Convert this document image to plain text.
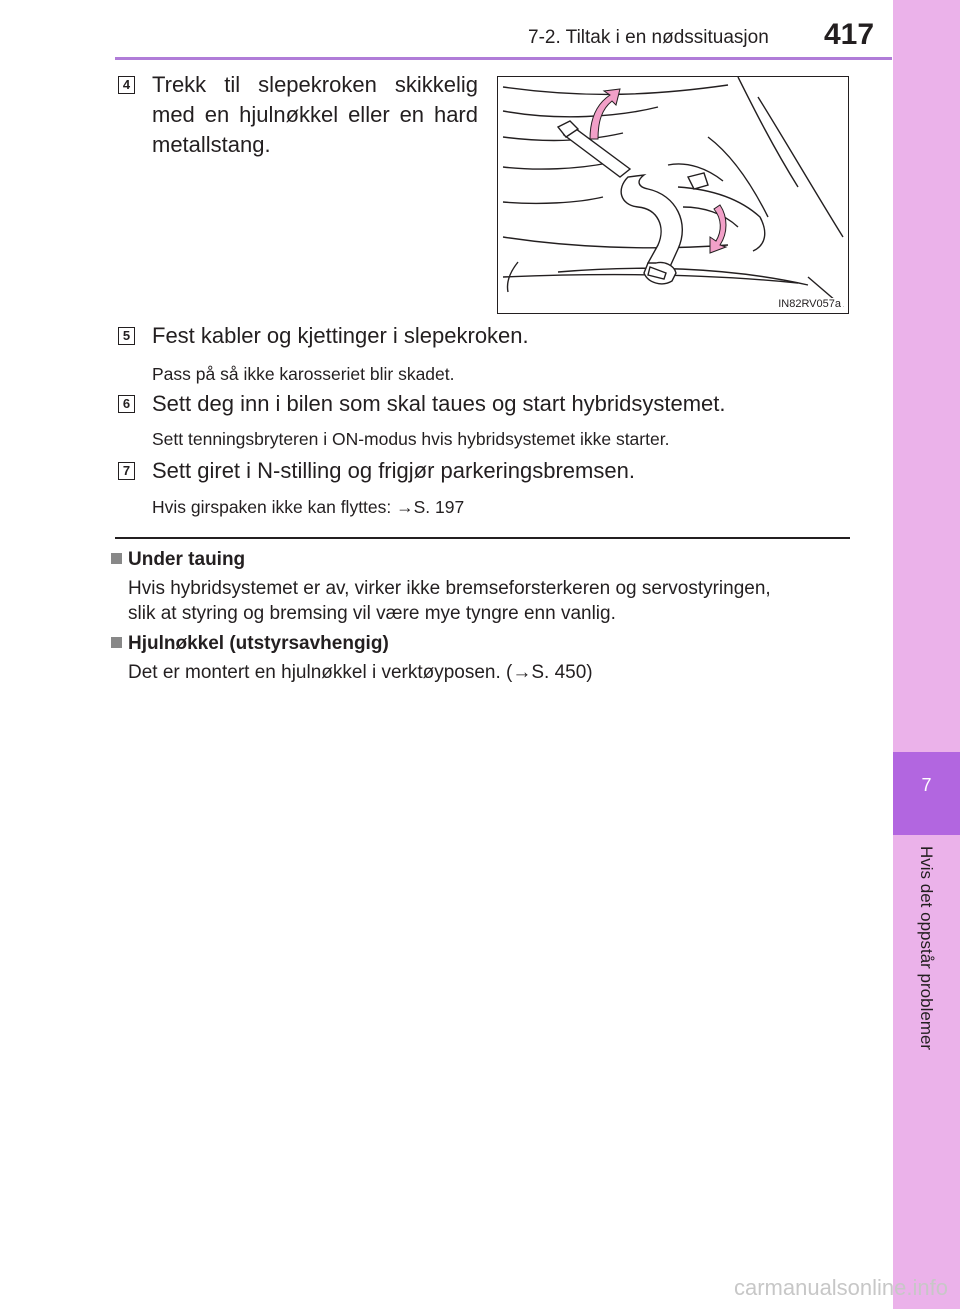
7-2. Tiltak i en nødssituasjon 417
7
Hvis det oppstår problemer
4 Trekk til slepekroken skikkelig med en hjulnøkkel eller en hard metallstang.
IN82RV057a
5 Fest kabler og kjettinger i slepekroken.
Pass på så ikke karosseriet blir skadet.
6 Sett deg inn i bilen som skal taues og start hybridsystemet.
Sett tenningsbryteren i ON-modus hvis hybridsystemet ikke starter.
7 Sett giret i N-stilling og frigjør parkeringsbremsen.
Hvis girspaken ikke kan flyttes: →S. 197
Under tauing
Hvis hybridsystemet er av, virker ikke bremseforsterkeren og servostyringen,
slik at styring og bremsing vil være mye tyngre enn vanlig.
Hjulnøkkel (utstyrsavhengig)
Det er montert en hjulnøkkel i verktøyposen. (→S. 450)
carmanualsonline.info
